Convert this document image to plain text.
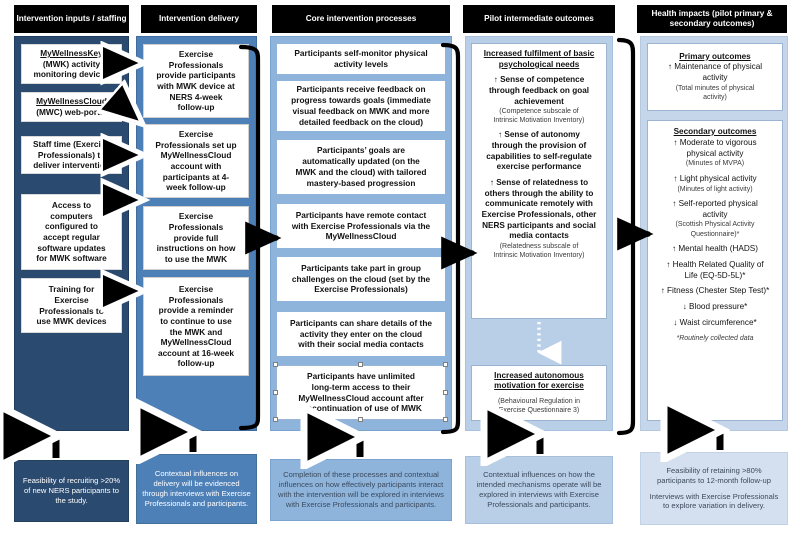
Intervention inputs / staffing	Intervention delivery	Core intervention processes	Pilot intermediate outcomes
Health impacts (pilot primary & secondary outcomes)
MyWellnessKey
(MWK) activity
monitoring devices
MyWellnessCloud
(MWC) web-portal
Staff time (Exercise
Professionals) to
deliver intervention
Access to
computers
configured to
accept regular
software updates
for MWK software
Training for
Exercise
Professionals to
use MWK devices
Exercise
Professionals
provide participants
with MWK device at
NERS 4-week
follow-up
Exercise
Professionals set up
MyWellnessCloud
account with
participants at 4-
week follow-up
Exercise
Professionals
provide full
instructions on how
to use the MWK
Exercise
Professionals
provide a reminder
to continue to use
the MWK and
MyWellnessCloud
account at 16-week
follow-up
Participants self-monitor physical
activity levels
Participants receive feedback on
progress towards goals (immediate
visual feedback on MWK and more
detailed feedback on the cloud)
Participants’ goals are
automatically updated (on the
MWK and the cloud) with tailored
mastery-based progression
Participants have remote contact
with Exercise Professionals via the
MyWellnessCloud
Participants take part in group
challenges on the cloud (set by the
Exercise Professionals)
Participants can share details of the
activity they enter on the cloud
with their social media contacts
Participants have unlimited
long-term access to their
MyWellnessCloud account after
discontinuation of use of MWK
Increased fulfilment of basic
psychological needs
↑ Sense of competence
through feedback on goal
achievement
(Competence subscale of
Intrinsic Motivation Inventory)
↑ Sense of autonomy
through the provision of
capabilities to self-regulate
exercise performance
↑ Sense of relatedness to
others through the ability to
communicate remotely with
Exercise Professionals, other
NERS participants and social
media contacts
(Relatedness subscale of
Intrinsic Motivation Inventory)
Increased autonomous
motivation for exercise
(Behavioural Regulation in
Exercise Questionnaire 3)
Primary outcomes
↑ Maintenance of physical
activity
(Total minutes of physical
activity)
Secondary outcomes
↑ Moderate to vigorous
physical activity
(Minutes of MVPA)
↑ Light physical activity
(Minutes of light activity)
↑ Self-reported physical
activity
(Scottish Physical Activity
Questionnaire)*
↑ Mental health (HADS)
↑ Health Related Quality of
Life (EQ-5D-5L)*
↑ Fitness (Chester Step Test)*
↓ Blood pressure*
↓ Waist circumference*
*Routinely collected data
Feasibility of recruiting >20% of new NERS participants to the study.
Contextual influences on delivery will be evidenced through interviews with Exercise Professionals and participants.
Completion of these processes and contextual influences on how effectively participants interact with the intervention will be explored in interviews with Exercise Professionals and participants.
Contextual influences on how the intended mechanisms operate will be explored in interviews with Exercise Professionals and participants.
Feasibility of retaining >80% participants to 12-month follow-up
Interviews with Exercise Professionals to explore variation in delivery.
